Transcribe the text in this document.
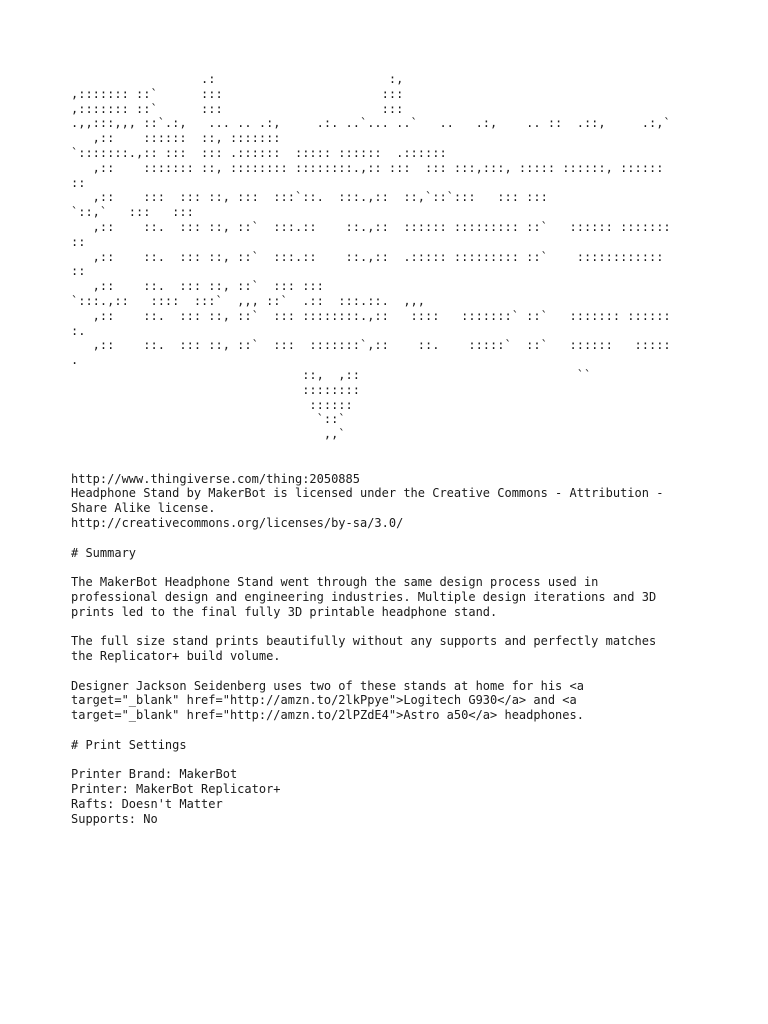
.:                        :,
,::::::: ::`      :::                      :::
,::::::: ::`      :::                      :::
.,,:::,,, ::`.:,   ... .. .:,     .:. ..`... ..`   ..   .:,    .. ::  .::,     .:,`
,::    ::::::  ::, :::::::
`:::::::.,:: :::  ::: .::::::  ::::: ::::::  .::::::
,::    ::::::: ::, :::::::: ::::::::.,:: :::  ::: :::,:::, ::::: ::::::, ::::::
::
,::    :::  ::: ::, :::  :::`::.  :::.,::  ::,`::`:::   ::: :::
`::,`   :::   :::
,::    ::.  ::: ::, ::`  :::.::    ::.,::  :::::: ::::::::: ::`   :::::: :::::::
::
,::    ::.  ::: ::, ::`  :::.::    ::.,::  .::::: ::::::::: ::`    ::::::::::::
::
,::    ::.  ::: ::, ::`  ::: :::
`:::.,::   ::::  :::`  ,,, ::`  .::  :::.::.  ,,,
,::    ::.  ::: ::, ::`  ::: ::::::::.,::   ::::   :::::::` ::`   ::::::: ::::::
:.
,::    ::.  ::: ::, ::`  :::  :::::::`,::    ::.    :::::`  ::`   ::::::   :::::
.
::,  ,::                              ``
::::::::
::::::
`::`
,,`
http://www.thingiverse.com/thing:2050885
Headphone Stand by MakerBot is licensed under the Creative Commons - Attribution -
Share Alike license.
http://creativecommons.org/licenses/by-sa/3.0/
# Summary
The MakerBot Headphone Stand went through the same design process used in
professional design and engineering industries. Multiple design iterations and 3D
prints led to the final fully 3D printable headphone stand.
The full size stand prints beautifully without any supports and perfectly matches
the Replicator+ build volume.
Designer Jackson Seidenberg uses two of these stands at home for his <a
target="_blank" href="http://amzn.to/2lkPpye">Logitech G930</a> and <a
target="_blank" href="http://amzn.to/2lPZdE4">Astro a50</a> headphones.
# Print Settings
Printer Brand: MakerBot
Printer: MakerBot Replicator+
Rafts: Doesn't Matter
Supports: No
